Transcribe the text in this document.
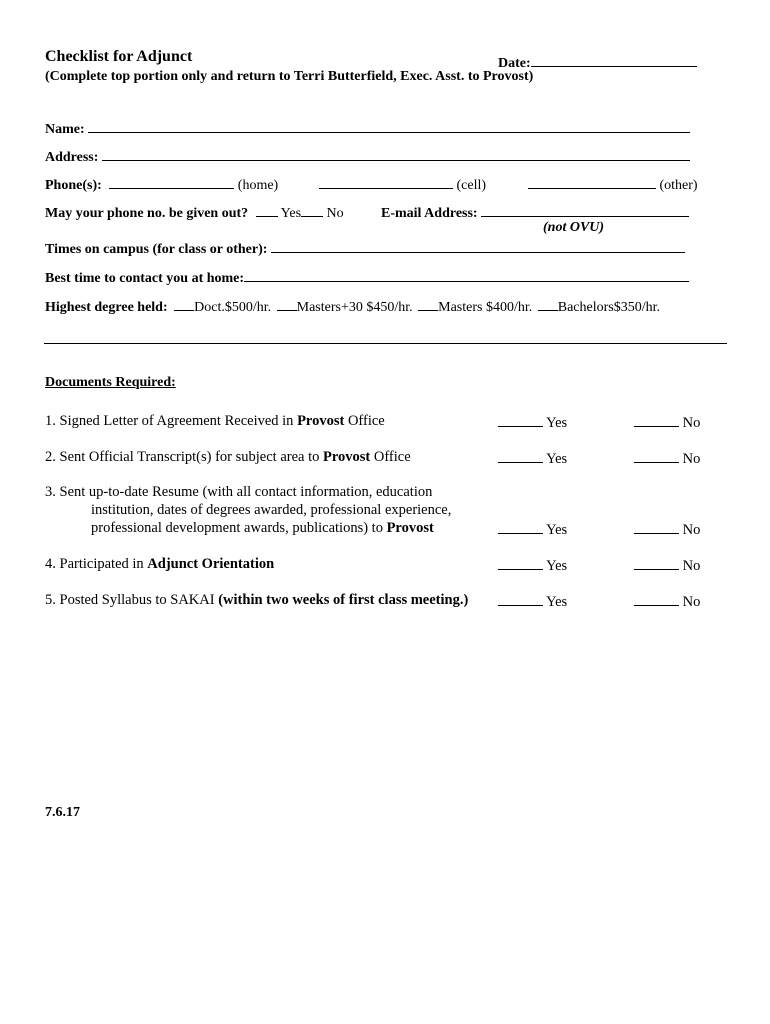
Checklist for Adjunct	Date:
(Complete top portion only and return to Terri Butterfield, Exec. Asst. to Provost)
Name:
Address:
Phone(s):	(home)	(cell)	(other)
May your phone no. be given out? Yes No	E-mail Address:
(not OVU)
Times on campus (for class or other):
Best time to contact you at home:
Highest degree held: Doct.$500/hr. Masters+30 $450/hr. Masters $400/hr. Bachelors$350/hr.
Documents Required:
1. Signed Letter of Agreement Received in Provost Office	Yes	No
2. Sent Official Transcript(s) for subject area to Provost Office	Yes	No
3. Sent up-to-date Resume (with all contact information, education
institution, dates of degrees awarded, professional experience,
professional development awards, publications) to Provost	Yes	No
4. Participated in Adjunct Orientation	Yes	No
5. Posted Syllabus to SAKAI (within two weeks of first class meeting.)	Yes	No
7.6.17
